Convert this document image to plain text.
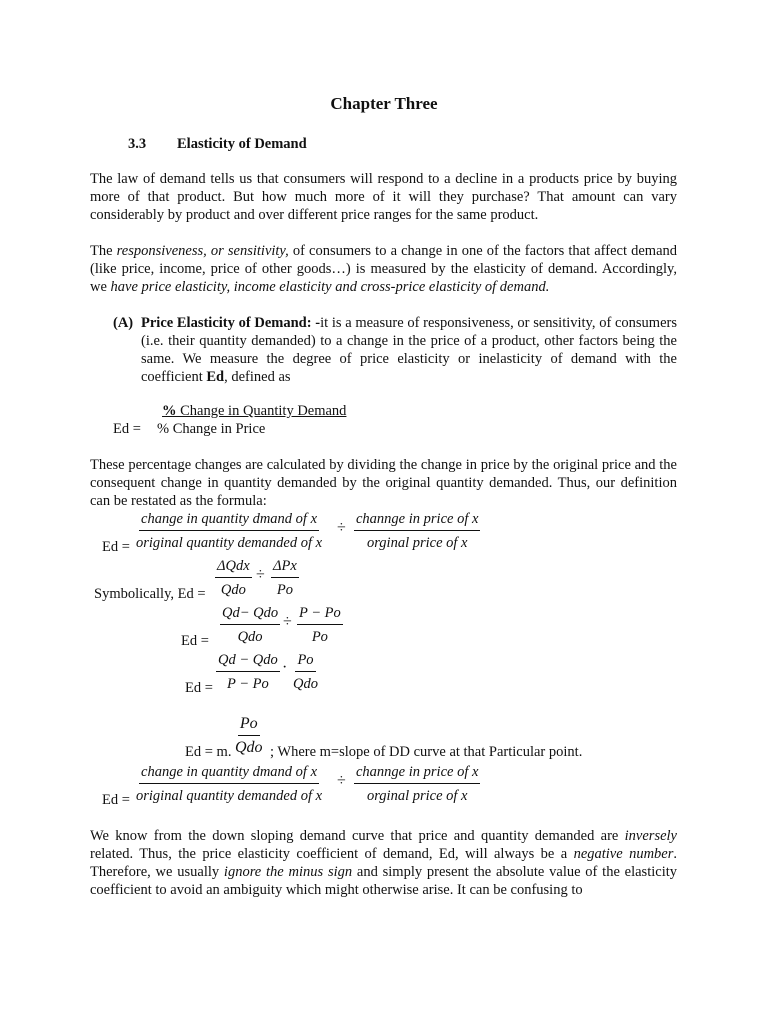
Chapter Three
3.3 Elasticity of Demand
The law of demand tells us that consumers will respond to a decline in a products price by buying more of that product. But how much more of it will they purchase? That amount can vary considerably by product and over different price ranges for the same product.
The responsiveness, or sensitivity, of consumers to a change in one of the factors that affect demand (like price, income, price of other goods…) is measured by the elasticity of demand. Accordingly, we have price elasticity, income elasticity and cross-price elasticity of demand.
(A) Price Elasticity of Demand: -it is a measure of responsiveness, or sensitivity, of consumers (i.e. their quantity demanded) to a change in the price of a product, other factors being the same. We measure the degree of price elasticity or inelasticity of demand with the coefficient Ed, defined as
% Change in Quantity Demand
Ed = % Change in Price
These percentage changes are calculated by dividing the change in price by the original price and the consequent change in quantity demanded by the original quantity demanded. Thus, our definition can be restated as the formula:
Ed =
change in quantity dmand of x
original quantity demanded of x
÷ channge in price of x
orginal price of x
Symbolically, Ed =
ΔQdx
Qdo
÷ ΔPx
Po
Ed =
Qd− Qdo
Qdo
÷ $\frac{P - Po}{Po}$
Ed =
Qd − Qdo
P − Po
· Po
Qdo
Ed = m.
Po
Qdo ; Where m=slope of DD curve at that Particular point.
Ed =
change in quantity dmand of x
original quantity demanded of x
÷ channge in price of x
orginal price of x
We know from the down sloping demand curve that price and quantity demanded are inversely related. Thus, the price elasticity coefficient of demand, Ed, will always be a negative number. Therefore, we usually ignore the minus sign and simply present the absolute value of the elasticity coefficient to avoid an ambiguity which might otherwise arise. It can be confusing to
